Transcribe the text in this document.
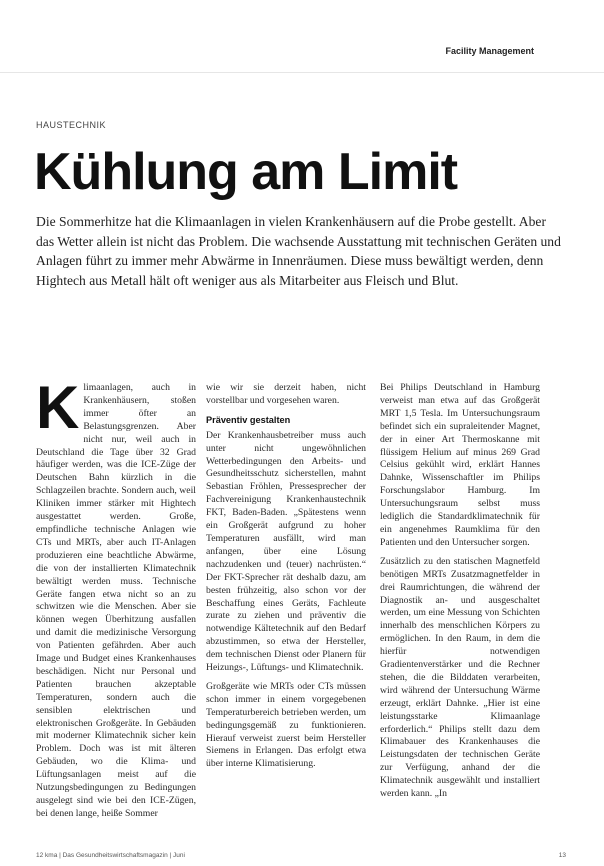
Facility Management
HAUSTECHNIK
Kühlung am Limit

Die Sommerhitze hat die Klimaanlagen in vielen Krankenhäusern auf die Probe gestellt. Aber das Wetter allein ist nicht das Problem. Die wachsende Ausstattung mit technischen Geräten und Anlagen führt zu immer mehr Abwärme in Innenräumen. Diese muss bewältigt werden, denn Hightech aus Metall hält oft weniger aus als Mitarbeiter aus Fleisch und Blut.

Klimaanlagen, auch in Krankenhäusern, stoßen immer öfter an Belastungsgrenzen. Aber nicht nur, weil auch in Deutschland die Tage über 32 Grad häufiger werden, was die ICE-Züge der Deutschen Bahn kürzlich in die Schlagzeilen brachte. Sondern auch, weil Kliniken immer stärker mit Hightech ausgestattet werden. Große, empfindliche technische Anlagen wie CTs und MRTs, aber auch IT-Anlagen produzieren eine beachtliche Abwärme, die von der installierten Klimatechnik bewältigt werden muss. Technische Geräte fangen etwa nicht so an zu schwitzen wie die Menschen. Aber sie können wegen Überhitzung ausfallen und damit die medizinische Versorgung von Patienten gefährden. Aber auch Image und Budget eines Krankenhauses beschädigen. Nicht nur Personal und Patienten brauchen akzeptable Temperaturen, sondern auch die sensiblen elektrischen und elektronischen Großgeräte. In Gebäuden mit moderner Klimatechnik sicher kein Problem. Doch was ist mit älteren Gebäuden, wo die Klima- und Lüftungsanlagen meist auf die Nutzungsbedingungen zu Bedingungen ausgelegt sind wie bei den ICE-Zügen, bei denen lange, heiße Sommer

wie wir sie derzeit haben, nicht vorstellbar und vorgesehen waren.

Präventiv gestalten

Der Krankenhausbetreiber muss auch unter nicht ungewöhnlichen Wetterbedingungen den Arbeits- und Gesundheitsschutz sicherstellen, mahnt Sebastian Fröhlen, Pressesprecher der Fachvereinigung Krankenhaustechnik FKT, Baden-Baden. „Spätestens wenn ein Großgerät aufgrund zu hoher Temperaturen ausfällt, wird man anfangen, über eine Lösung nachzudenken und (teuer) nachrüsten.“ Der FKT-Sprecher rät deshalb dazu, am besten frühzeitig, also schon vor der Beschaffung eines Geräts, Fachleute zurate zu ziehen und präventiv die notwendige Kältetechnik auf den Bedarf abzustimmen, so etwa der Hersteller, dem technischen Dienst oder Planern für Heizungs-, Lüftungs- und Klimatechnik.

Großgeräte wie MRTs oder CTs müssen schon immer in einem vorgegebenen Temperaturbereich betrieben werden, um bedingungsgemäß zu funktionieren. Hierauf verweist zuerst beim Hersteller Siemens in Erlangen. Das erfolgt etwa über interne Klimatisierung.

Bei Philips Deutschland in Hamburg verweist man etwa auf das Großgerät MRT 1,5 Tesla. Im Untersuchungsraum befindet sich ein supraleitender Magnet, der in einer Art Thermoskanne mit flüssigem Helium auf minus 269 Grad Celsius gekühlt wird, erklärt Hannes Dahnke, Wissenschaftler im Philips Forschungslabor Hamburg. Im Untersuchungsraum selbst muss lediglich die Standardklimatechnik für ein angenehmes Raumklima für den Patienten und den Untersucher sorgen.

Zusätzlich zu den statischen Magnetfeld benötigen MRTs Zusatzmagnetfelder in drei Raumrichtungen, die während der Diagnostik an- und ausgeschaltet werden, um eine Messung von Schichten innerhalb des menschlichen Körpers zu ermöglichen. In den Raum, in dem die hierfür notwendigen Gradientenverstärker und die Rechner stehen, die die Bilddaten verarbeiten, wird während der Untersuchung Wärme erzeugt, erklärt Dahnke. „Hier ist eine leistungsstarke Klimaanlage erforderlich.“ Philips stellt dazu dem Klimabauer des Krankenhauses die Leistungsdaten der technischen Geräte zur Verfügung, anhand der die Klimatechnik ausgewählt und installiert werden kann. „In

12 kma | Das Gesundheitswirtschaftsmagazin | Juni	13
